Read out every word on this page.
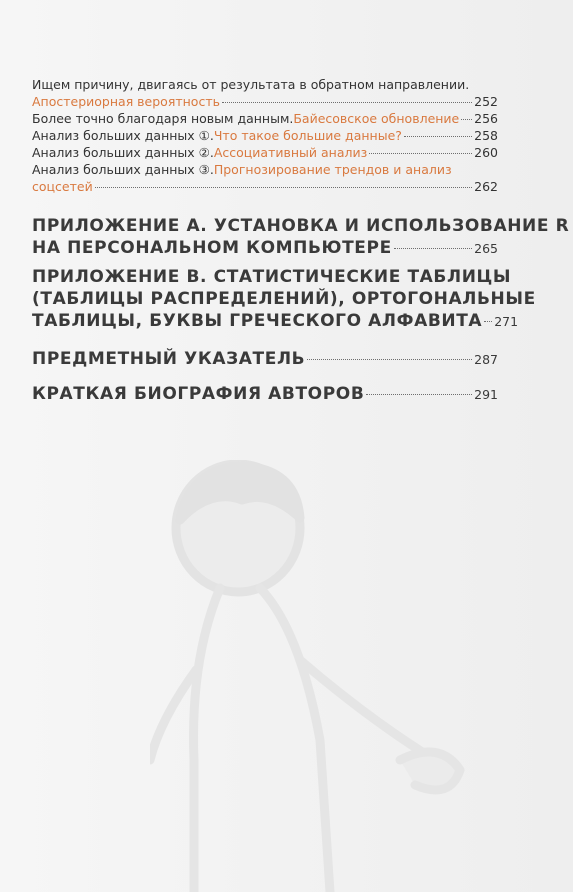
Ищем причину, двигаясь от результата в обратном направлении.
Апостериорная вероятность	252
Более точно благодаря новым данным. Байесовское обновление 256
Анализ больших данных ①. Что такое большие данные?	258
Анализ больших данных ②. Ассоциативный анализ	260
Анализ больших данных ③. Прогнозирование трендов и анализ
соцсетей	262
ПРИЛОЖЕНИЕ А. УСТАНОВКА И ИСПОЛЬЗОВАНИЕ R
НА ПЕРСОНАЛЬНОМ КОМПЬЮТЕРЕ	265
ПРИЛОЖЕНИЕ В. СТАТИСТИЧЕСКИЕ ТАБЛИЦЫ
(ТАБЛИЦЫ РАСПРЕДЕЛЕНИЙ), ОРТОГОНАЛЬНЫЕ
ТАБЛИЦЫ, БУКВЫ ГРЕЧЕСКОГО АЛФАВИТА 271
ПРЕДМЕТНЫЙ УКАЗАТЕЛЬ	287
КРАТКАЯ БИОГРАФИЯ АВТОРОВ	291
